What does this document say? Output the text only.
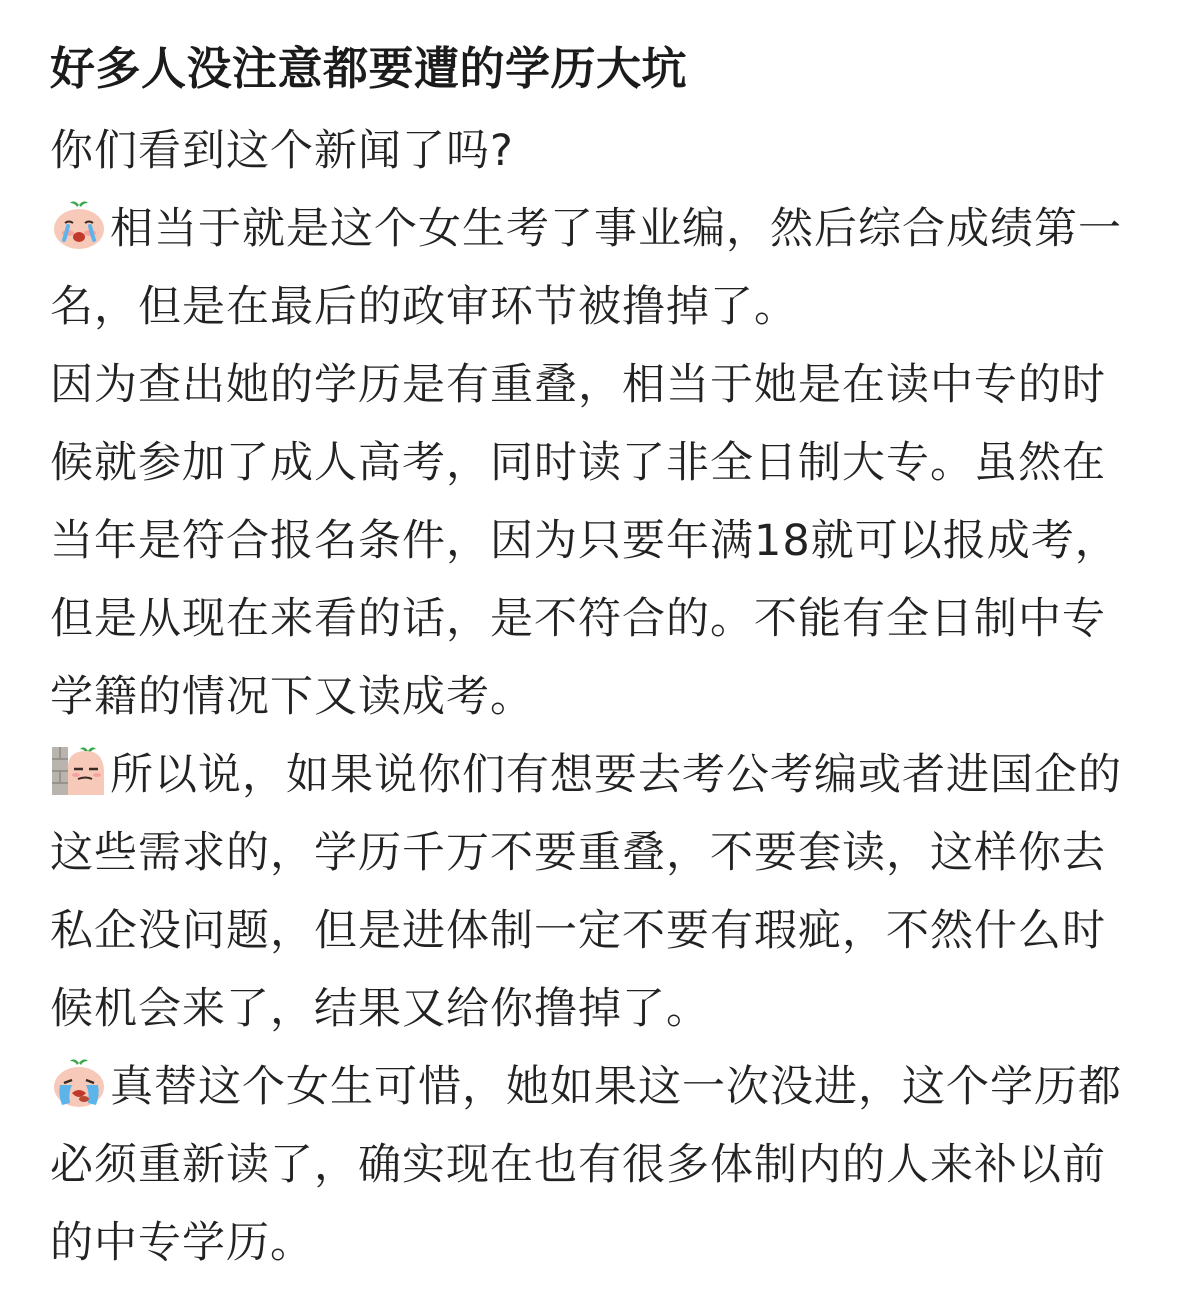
好多人没注意都要遭的学历大坑

你们看到这个新闻了吗?

相当于就是这个女生考了事业编，然后综合成绩第一名，但是在最后的政审环节被撸掉了。

因为查出她的学历是有重叠，相当于她是在读中专的时候就参加了成人高考，同时读了非全日制大专。虽然在当年是符合报名条件，因为只要年满18就可以报成考，但是从现在来看的话，是不符合的。不能有全日制中专学籍的情况下又读成考。

所以说，如果说你们有想要去考公考编或者进国企的这些需求的，学历千万不要重叠，不要套读，这样你去私企没问题，但是进体制一定不要有瑕疵，不然什么时候机会来了，结果又给你撸掉了。

真替这个女生可惜，她如果这一次没进，这个学历都必须重新读了，确实现在也有很多体制内的人来补以前的中专学历。
